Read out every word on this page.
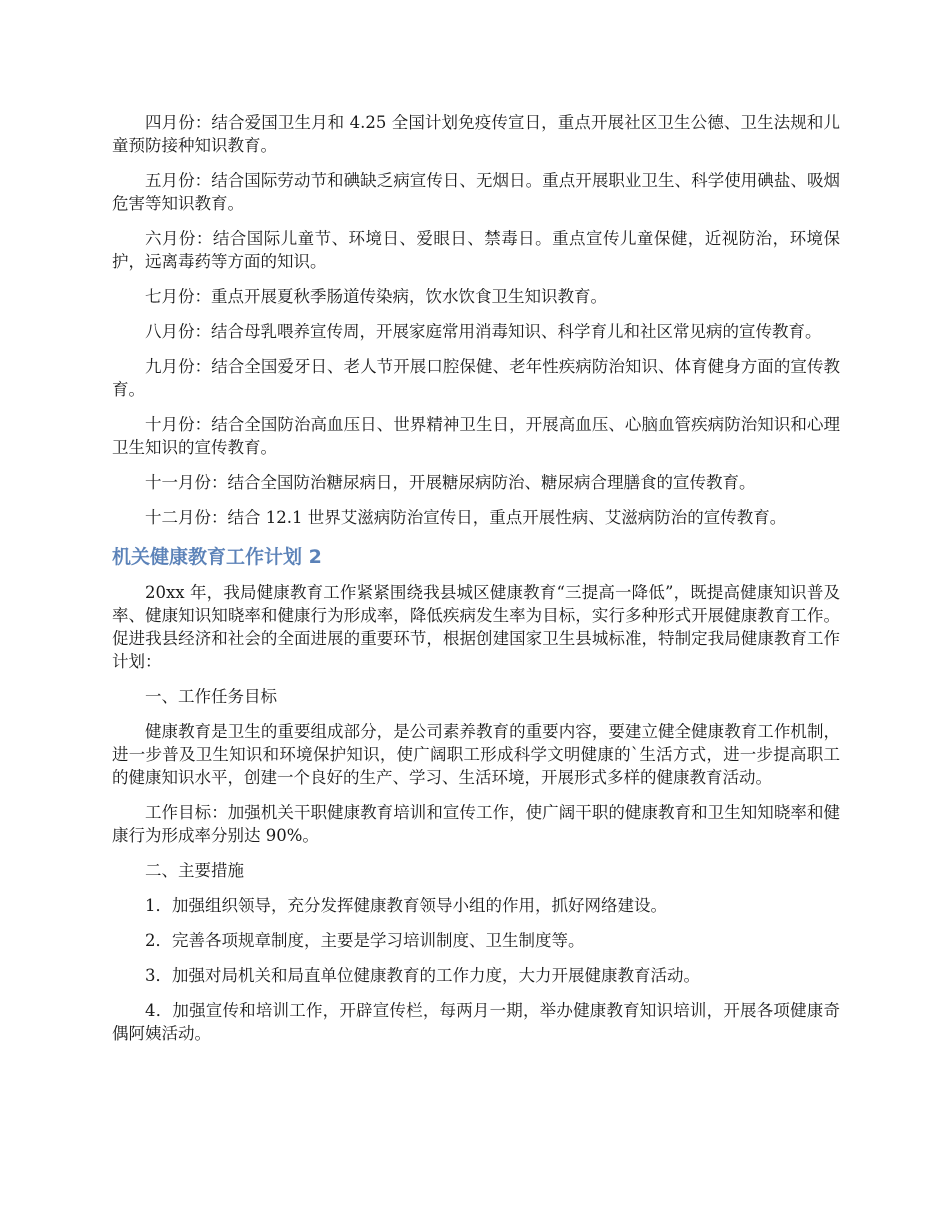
四月份：结合爱国卫生月和 4.25 全国计划免疫传宣日，重点开展社区卫生公德、卫生法规和儿童预防接种知识教育。

五月份：结合国际劳动节和碘缺乏病宣传日、无烟日。重点开展职业卫生、科学使用碘盐、吸烟危害等知识教育。

六月份：结合国际儿童节、环境日、爱眼日、禁毒日。重点宣传儿童保健，近视防治，环境保护，远离毒药等方面的知识。

七月份：重点开展夏秋季肠道传染病，饮水饮食卫生知识教育。

八月份：结合母乳喂养宣传周，开展家庭常用消毒知识、科学育儿和社区常见病的宣传教育。

九月份：结合全国爱牙日、老人节开展口腔保健、老年性疾病防治知识、体育健身方面的宣传教育。

十月份：结合全国防治高血压日、世界精神卫生日，开展高血压、心脑血管疾病防治知识和心理卫生知识的宣传教育。

十一月份：结合全国防治糖尿病日，开展糖尿病防治、糖尿病合理膳食的宣传教育。

十二月份：结合 12.1 世界艾滋病防治宣传日，重点开展性病、艾滋病防治的宣传教育。

机关健康教育工作计划 2

20xx 年，我局健康教育工作紧紧围绕我县城区健康教育“三提高一降低”，既提高健康知识普及率、健康知识知晓率和健康行为形成率，降低疾病发生率为目标，实行多种形式开展健康教育工作。促进我县经济和社会的全面进展的重要环节，根据创建国家卫生县城标准，特制定我局健康教育工作计划：

一、工作任务目标

健康教育是卫生的重要组成部分，是公司素养教育的重要内容，要建立健全健康教育工作机制，进一步普及卫生知识和环境保护知识，使广阔职工形成科学文明健康的`生活方式，进一步提高职工的健康知识水平，创建一个良好的生产、学习、生活环境，开展形式多样的健康教育活动。

工作目标：加强机关干职健康教育培训和宣传工作，使广阔干职的健康教育和卫生知知晓率和健康行为形成率分别达 90%。

二、主要措施

1．加强组织领导，充分发挥健康教育领导小组的作用，抓好网络建设。

2．完善各项规章制度，主要是学习培训制度、卫生制度等。

3．加强对局机关和局直单位健康教育的工作力度，大力开展健康教育活动。

4．加强宣传和培训工作，开辟宣传栏，每两月一期，举办健康教育知识培训，开展各项健康奇偶阿姨活动。
